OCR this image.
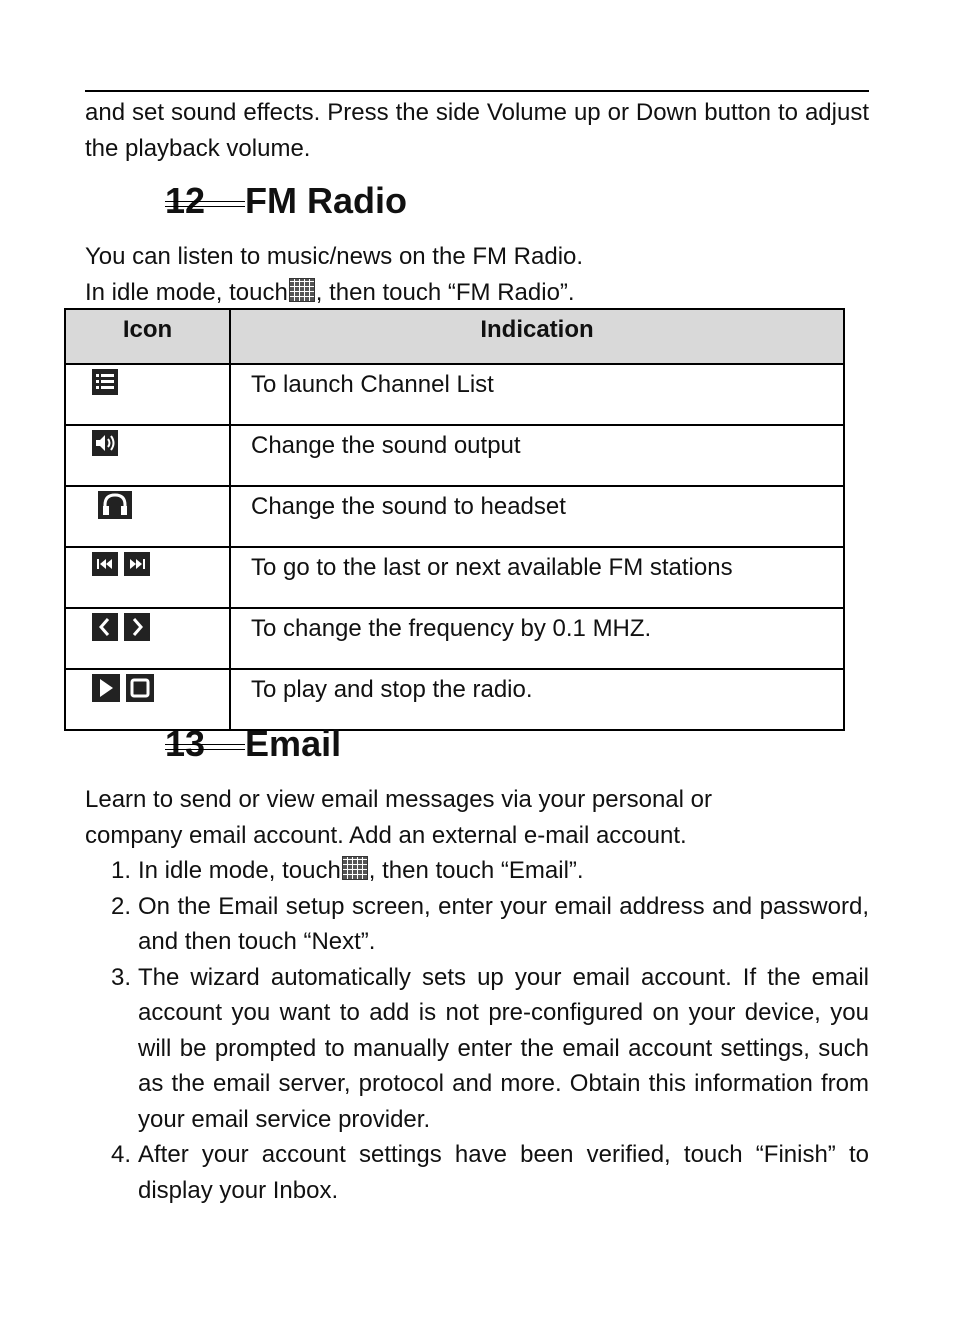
and set sound effects. Press the side Volume up or Down button to adjust the playback volume.

12 FM Radio

You can listen to music/news on the FM Radio.

In idle mode, touch , then touch “FM Radio”.

Icon	Indication

	To launch Channel List

	Change the sound output

	Change the sound to headset

	To go to the last or next available FM stations

	To change the frequency by 0.1 MHZ.

	To play and stop the radio.
13 Email

Learn to send or view email messages via your personal or company email account. Add an external e-mail account.

1. In idle mode, touch , then touch “Email”.
2. On the Email setup screen, enter your email address and password, and then touch “Next”.
3. The wizard automatically sets up your email account. If the email account you want to add is not pre-configured on your device, you will be prompted to manually enter the email account settings, such as the email server, protocol and more. Obtain this information from your email service provider.
4. After your account settings have been verified, touch “Finish” to display your Inbox.
